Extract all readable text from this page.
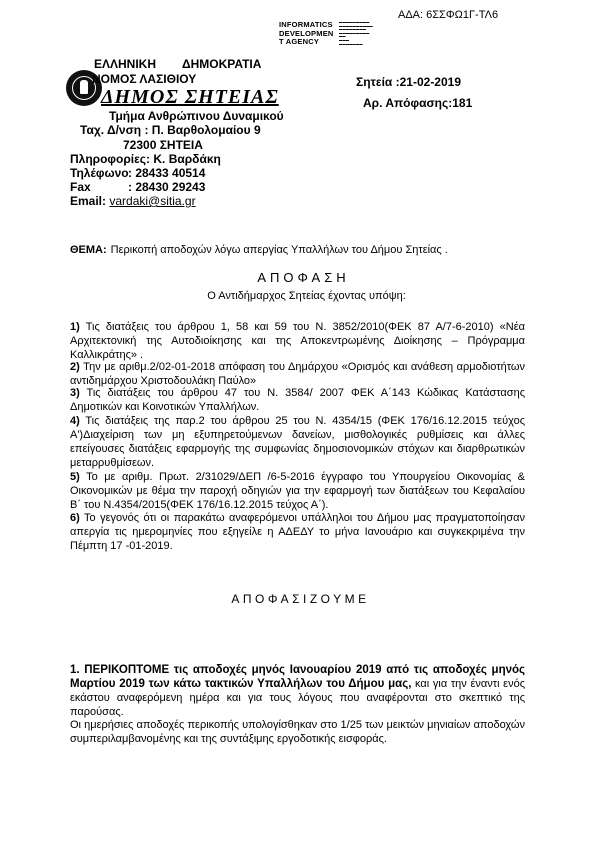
ΑΔΑ: 6ΣΣΦΩ1Γ-ΤΛ6
INFORMATICS
DEVELOPMEN
T AGENCY
▬▬▬▬▬▬▬▬▬
▬▬▬▬▬▬▬▬▬▬
▬▬▬▬▬▬▬▬
▬▬▬▬▬▬▬▬▬
▬▬
▬▬▬
▬▬▬▬▬▬▬
ΕΛΛΗΝΙΚΗ ΔΗΜΟΚΡΑΤΙΑ
ΝΟΜΟΣ ΛΑΣΙΘΙΟΥ
ΔΗΜΟΣ ΣΗΤΕΙΑΣ
Τμήμα Ανθρώπινου Δυναμικού
Ταχ. Δ/νση : Π. Βαρθολομαίου 9
72300 ΣΗΤΕΙΑ
Πληροφορίες: Κ. Βαρδάκη
Τηλέφωνο: 28433 40514
Fax	: 28430 29243
Email: vardaki@sitia.gr
Σητεία :21-02-2019
Αρ. Απόφασης:181
ΘΕΜΑ: Περικοπή αποδοχών λόγω απεργίας Υπαλλήλων του Δήμου Σητείας .
ΑΠΟΦΑΣΗ
Ο Αντιδήμαρχος Σητείας έχοντας υπόψη:
1) Τις διατάξεις του άρθρου 1, 58 και 59 του Ν. 3852/2010(ΦΕΚ 87 Α/7-6-2010) «Νέα Αρχιτεκτονική της Αυτοδιοίκησης και της Αποκεντρωμένης Διοίκησης – Πρόγραμμα Καλλικράτης» .
2) Την με αριθμ.2/02-01-2018 απόφαση του Δημάρχου «Ορισμός και ανάθεση αρμοδιοτήτων αντιδημάρχου Χριστοδουλάκη Παύλο»
3) Τις διατάξεις του άρθρου 47 του Ν. 3584/ 2007 ΦΕΚ Α΄143 Κώδικας Κατάστασης Δημοτικών και Κοινοτικών Υπαλλήλων.
4) Τις διατάξεις της παρ.2 του άρθρου 25 του Ν. 4354/15 (ΦΕΚ 176/16.12.2015 τεύχος Α')Διαχείριση των μη εξυπηρετούμενων δανείων, μισθολογικές ρυθμίσεις και άλλες επείγουσες διατάξεις εφαρμογής της συμφωνίας δημοσιονομικών στόχων και διαρθρωτικών μεταρρυθμίσεων.
5) Το με αριθμ. Πρωτ. 2/31029/ΔΕΠ /6-5-2016 έγγραφο του Υπουργείου Οικονομίας & Οικονομικών με θέμα την παροχή οδηγιών για την εφαρμογή των διατάξεων του Κεφαλαίου Β΄ του Ν.4354/2015(ΦΕΚ 176/16.12.2015 τεύχος Α΄).
6) Το γεγονός ότι οι παρακάτω αναφερόμενοι υπάλληλοι του Δήμου μας πραγματοποίησαν απεργία τις ημερομηνίες που εξηγείλε η ΑΔΕΔΥ το μήνα Ιανουάριο και συγκεκριμένα την Πέμπτη 17 -01-2019.
ΑΠΟΦΑΣΙΖΟΥΜΕ
1. ΠΕΡΙΚΟΠΤΟΜΕ τις αποδοχές μηνός Ιανουαρίου 2019 από τις αποδοχές μηνός Μαρτίου 2019 των κάτω τακτικών Υπαλλήλων του Δήμου μας, και για την έναντι ενός εκάστου αναφερόμενη ημέρα και για τους λόγους που αναφέρονται στο σκεπτικό της παρούσας.
Οι ημερήσιες αποδοχές περικοπής υπολογίσθηκαν στο 1/25 των μεικτών μηνιαίων αποδοχών συμπεριλαμβανομένης και της συντάξιμης εργοδοτικής εισφοράς.
